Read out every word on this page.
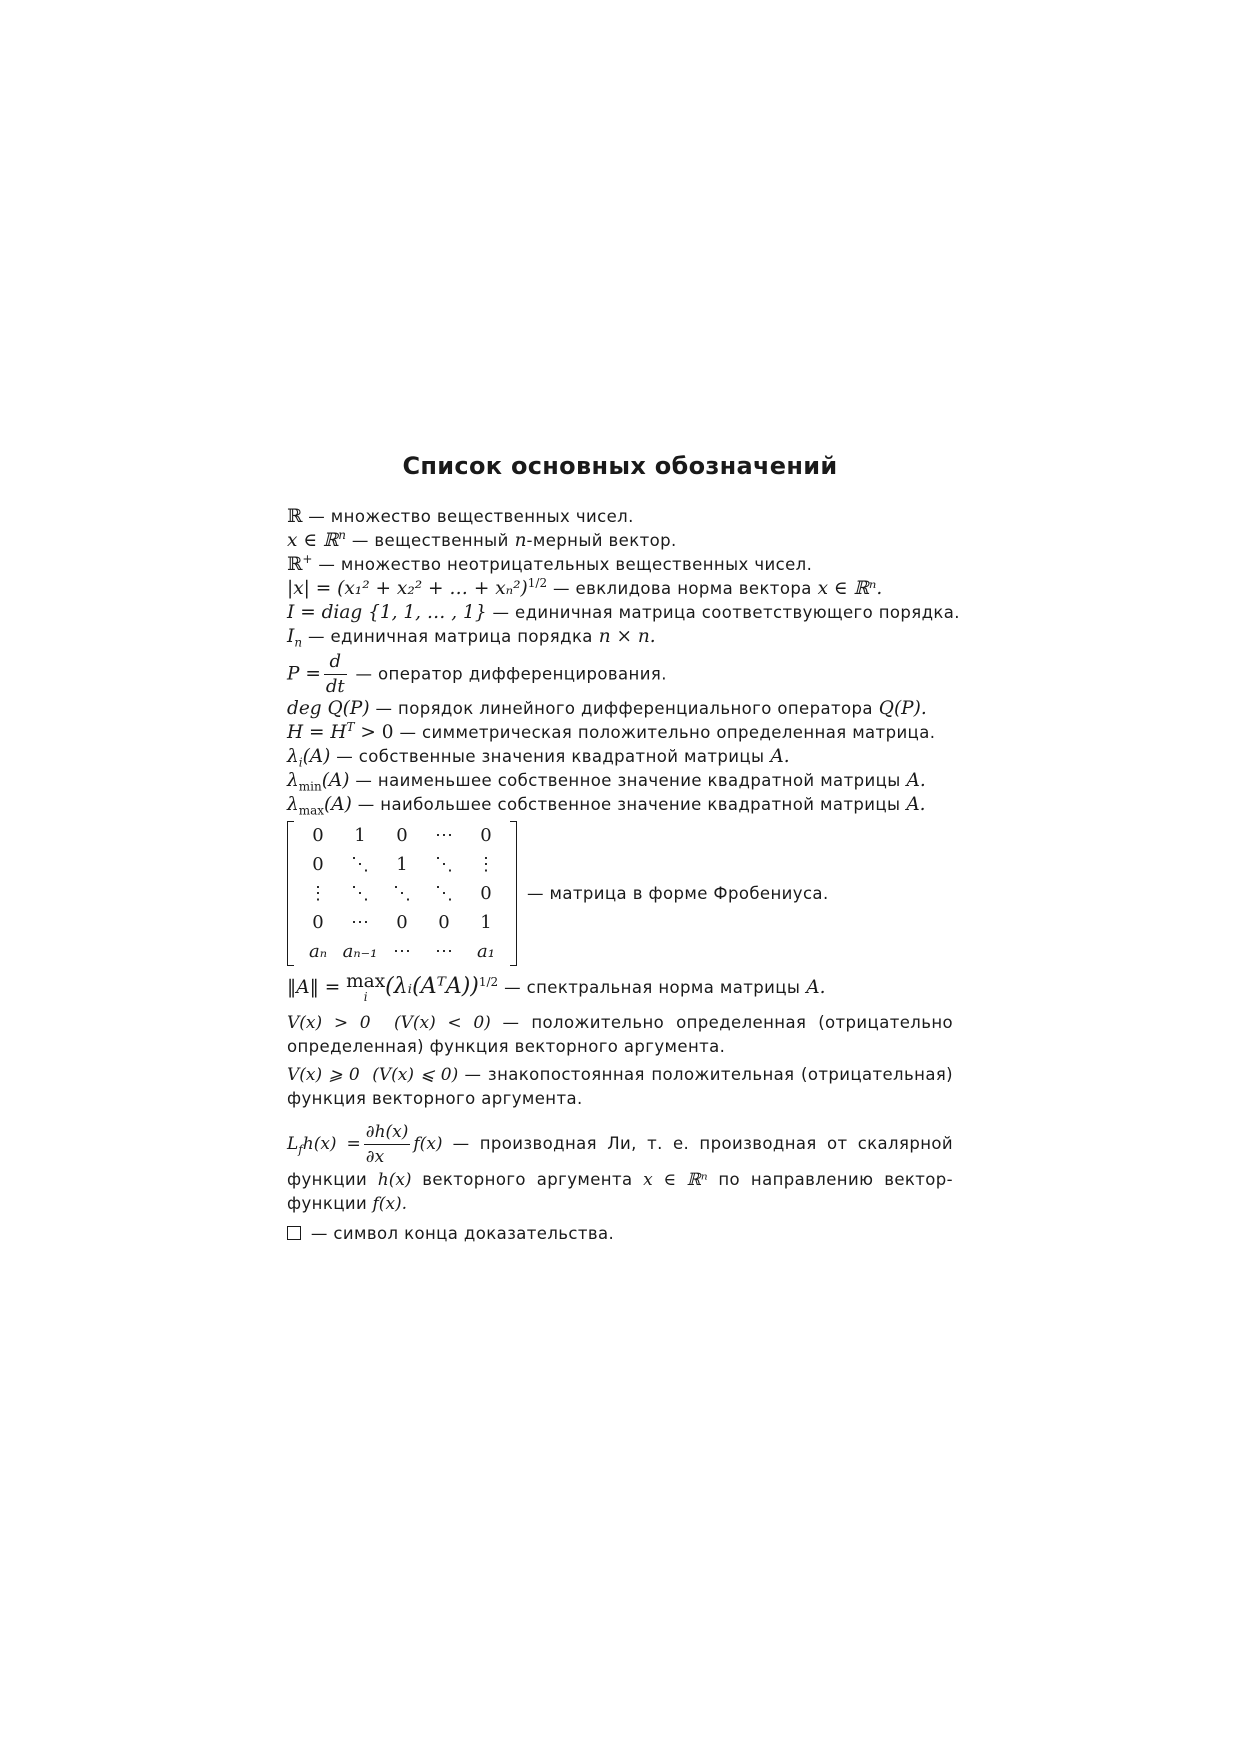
Список основных обозначений
ℝ — множество вещественных чисел.
x ∈ ℝ$^n$ — вещественный n-мерный вектор.
ℝ+ — множество неотрицательных вещественных чисел.
|x| = (x₁² + x₂² + … + xₙ²)$^{1/2}$ — евклидова норма вектора x ∈ ℝⁿ.
I = diag {1, 1, … , 1} — единичная матрица соответствующего порядка.
$I_n$ — единичная матрица порядка n × n.
$P = \frac{d}{dt}$ — оператор дифференцирования.
deg Q(P) — порядок линейного дифференциального оператора Q(P).
$H = H^T > 0$ — симметрическая положительно определенная матрица.
$\lambda_i(A)$ — собственные значения квадратной матрицы A.
$\lambda_{min}(A)$ — наименьшее собственное значение квадратной матрицы A.
$\lambda_{max}(A)$ — наибольшее собственное значение квадратной матрицы A.
0	1	0	⋯	0
0	⋱	1	⋱	⋮
⋮	⋱	⋱	⋱	0
0	⋯	0	0	1
aₙ	aₙ₋₁	⋯	⋯	a₁
— матрица в форме Фробениуса.
‖A‖ = max
i (λᵢ(AᵀA))$^{1/2}$ — спектральная норма матрицы A.
V(x) > 0 (V(x) < 0) — положительно определенная (отрицательно определенная) функция векторного аргумента.
V(x) ⩾ 0 (V(x) ⩽ 0) — знакопостоянная положительная (отрицательная) функция векторного аргумента.
$L_fh(x) = \frac{\partial h(x)}{\partial x} f(x)$ — производная Ли, т. е. производная от скалярной функции h(x) векторного аргумента x ∈ ℝⁿ по направлению вектор-функции f(x).
— символ конца доказательства.
